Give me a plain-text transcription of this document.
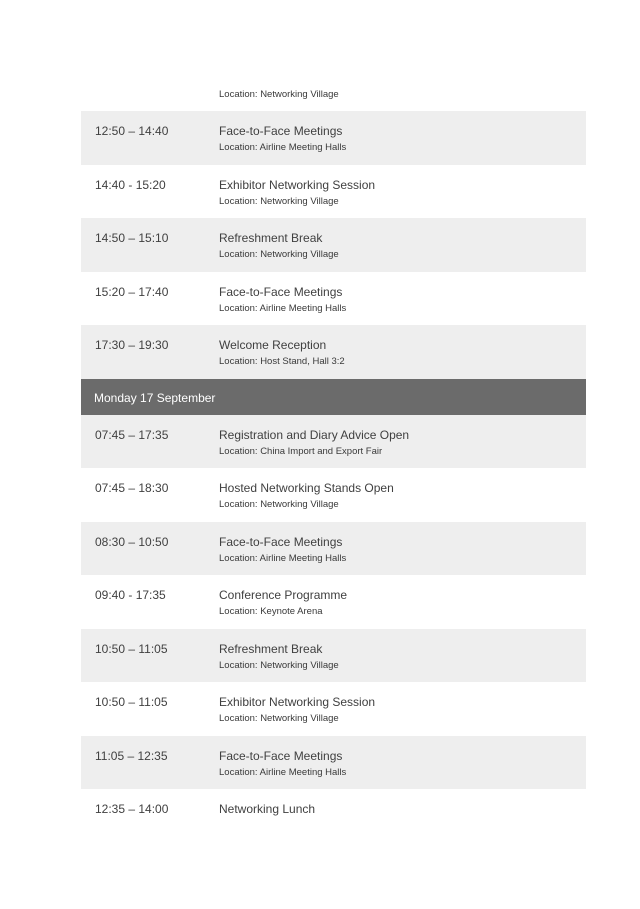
Location: Networking Village
12:50 – 14:40	Face-to-Face Meetings
Location: Airline Meeting Halls
14:40 - 15:20	Exhibitor Networking Session
Location: Networking Village
14:50 – 15:10	Refreshment Break
Location: Networking Village
15:20 – 17:40	Face-to-Face Meetings
Location: Airline Meeting Halls
17:30 – 19:30	Welcome Reception
Location: Host Stand, Hall 3:2
Monday 17 September
07:45 – 17:35	Registration and Diary Advice Open
Location: China Import and Export Fair
07:45 – 18:30	Hosted Networking Stands Open
Location: Networking Village
08:30 – 10:50	Face-to-Face Meetings
Location: Airline Meeting Halls
09:40 - 17:35	Conference Programme
Location: Keynote Arena
10:50 – 11:05	Refreshment Break
Location: Networking Village
10:50 – 11:05	Exhibitor Networking Session
Location: Networking Village
11:05 – 12:35	Face-to-Face Meetings
Location: Airline Meeting Halls
12:35 – 14:00	Networking Lunch
